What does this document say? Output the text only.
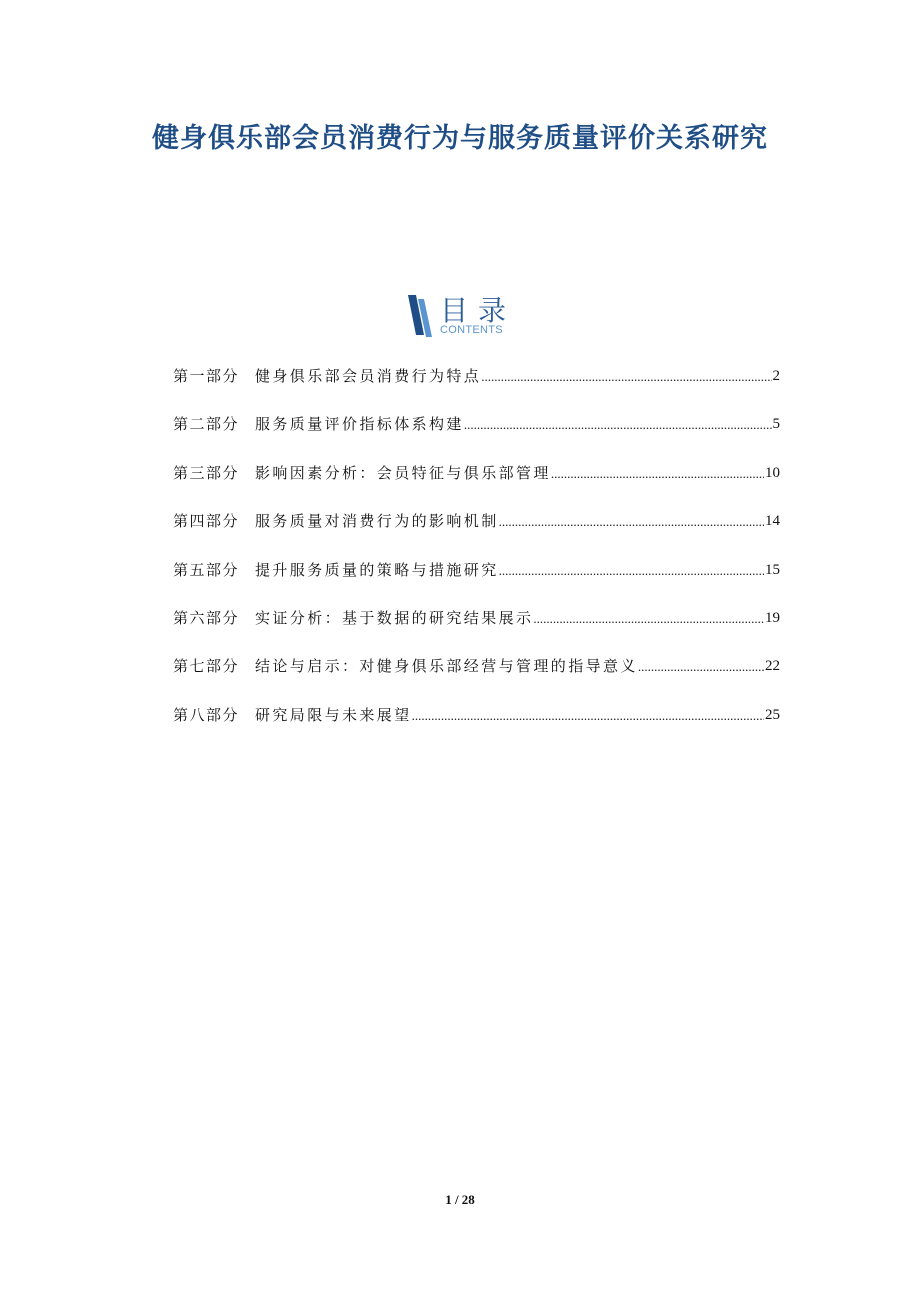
健身俱乐部会员消费行为与服务质量评价关系研究
目录
CONTENTS
第一部分	健身俱乐部会员消费行为特点 .....	2
第二部分	服务质量评价指标体系构建 .....	5
第三部分	影响因素分析：会员特征与俱乐部管理 .....	10
第四部分	服务质量对消费行为的影响机制 .....	14
第五部分	提升服务质量的策略与措施研究 .....	15
第六部分	实证分析：基于数据的研究结果展示 .....	19
第七部分	结论与启示：对健身俱乐部经营与管理的指导意义 .....	22
第八部分	研究局限与未来展望 .....	25
1 / 28
